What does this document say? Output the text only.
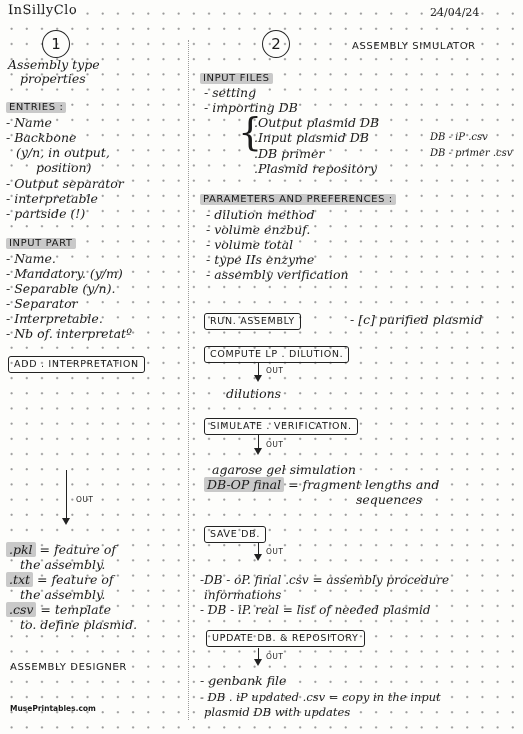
InSillyClo	24/04/24
1
Assembly type
properties
ENTRIES :
- Name
- Backbone
(y/n, in output,
position)
- Output separator
- interpretable
- partside (!)
INPUT PART
- Name.
- Mandatory. (y/m)
- Separable (y/n).
- Separator
- Interpretable.
- Nb of. interpretatº
ADD . INTERPRETATION
OUT
.pkl = feature of
the assembly.
.txt = feature of
the assembly.
.csv = template
to. define plasmid.
ASSEMBLY DESIGNER
MusePrintables.com
2	ASSEMBLY SIMULATOR
INPUT FILES
- setting
- importing DB
{
.Output plasmid DB
.Input plasmid DB
.DB primer
.Plasmid repository
DB - iP .csv
DB - primer .csv
PARAMETERS AND PREFERENCES :
- dilution method
- volume enzbuf.
- volume total
- type IIs enzyme
- assembly verification
RUN. ASSEMBLY	- [c] purified plasmid
COMPUTE LP . DILUTION.
OUT
dilutions
SIMULATE . VERIFICATION.
OUT
agarose gel simulation
DB-OP final = fragment lengths and
sequences
SAVE DB.
OUT
-DB - oP. final .csv = assembly procedure
informations
- DB - iP. real = list of needed plasmid
UPDATE DB. & REPOSITORY
OUT
- genbank file
- DB . iP updated .csv = copy in the input
plasmid DB with updates
